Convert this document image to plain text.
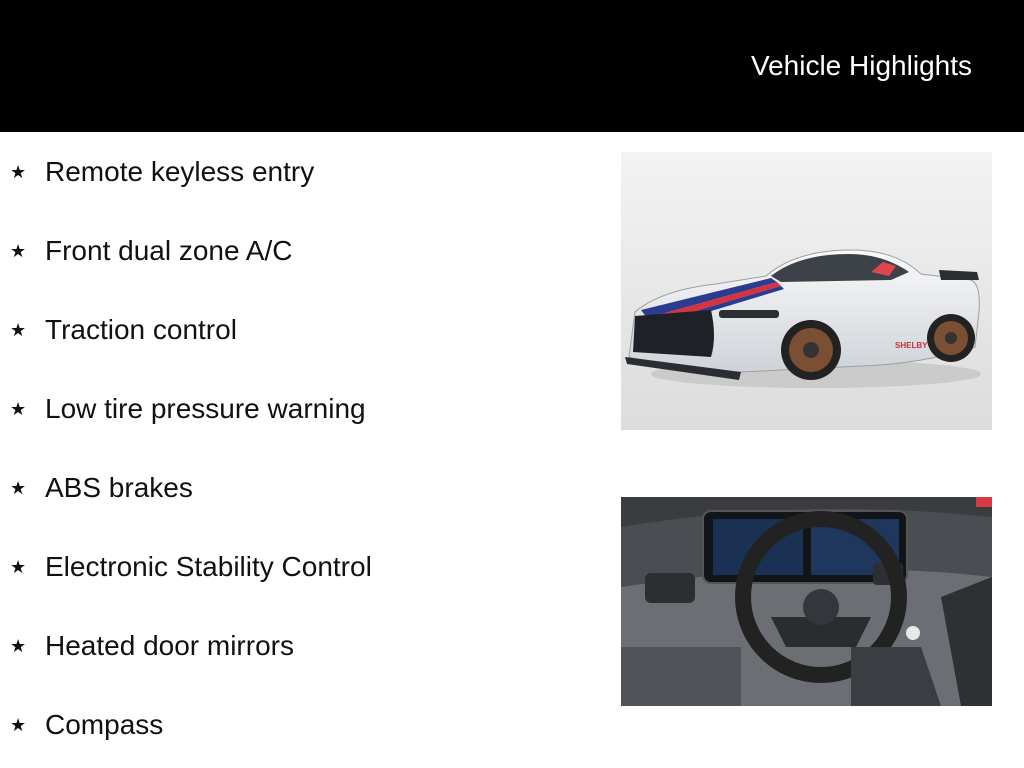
Vehicle Highlights
★ Remote keyless entry
★ Front dual zone A/C
★ Traction control
★ Low tire pressure warning
★ ABS brakes
★ Electronic Stability Control
★ Heated door mirrors
★ Compass
SHELBY
